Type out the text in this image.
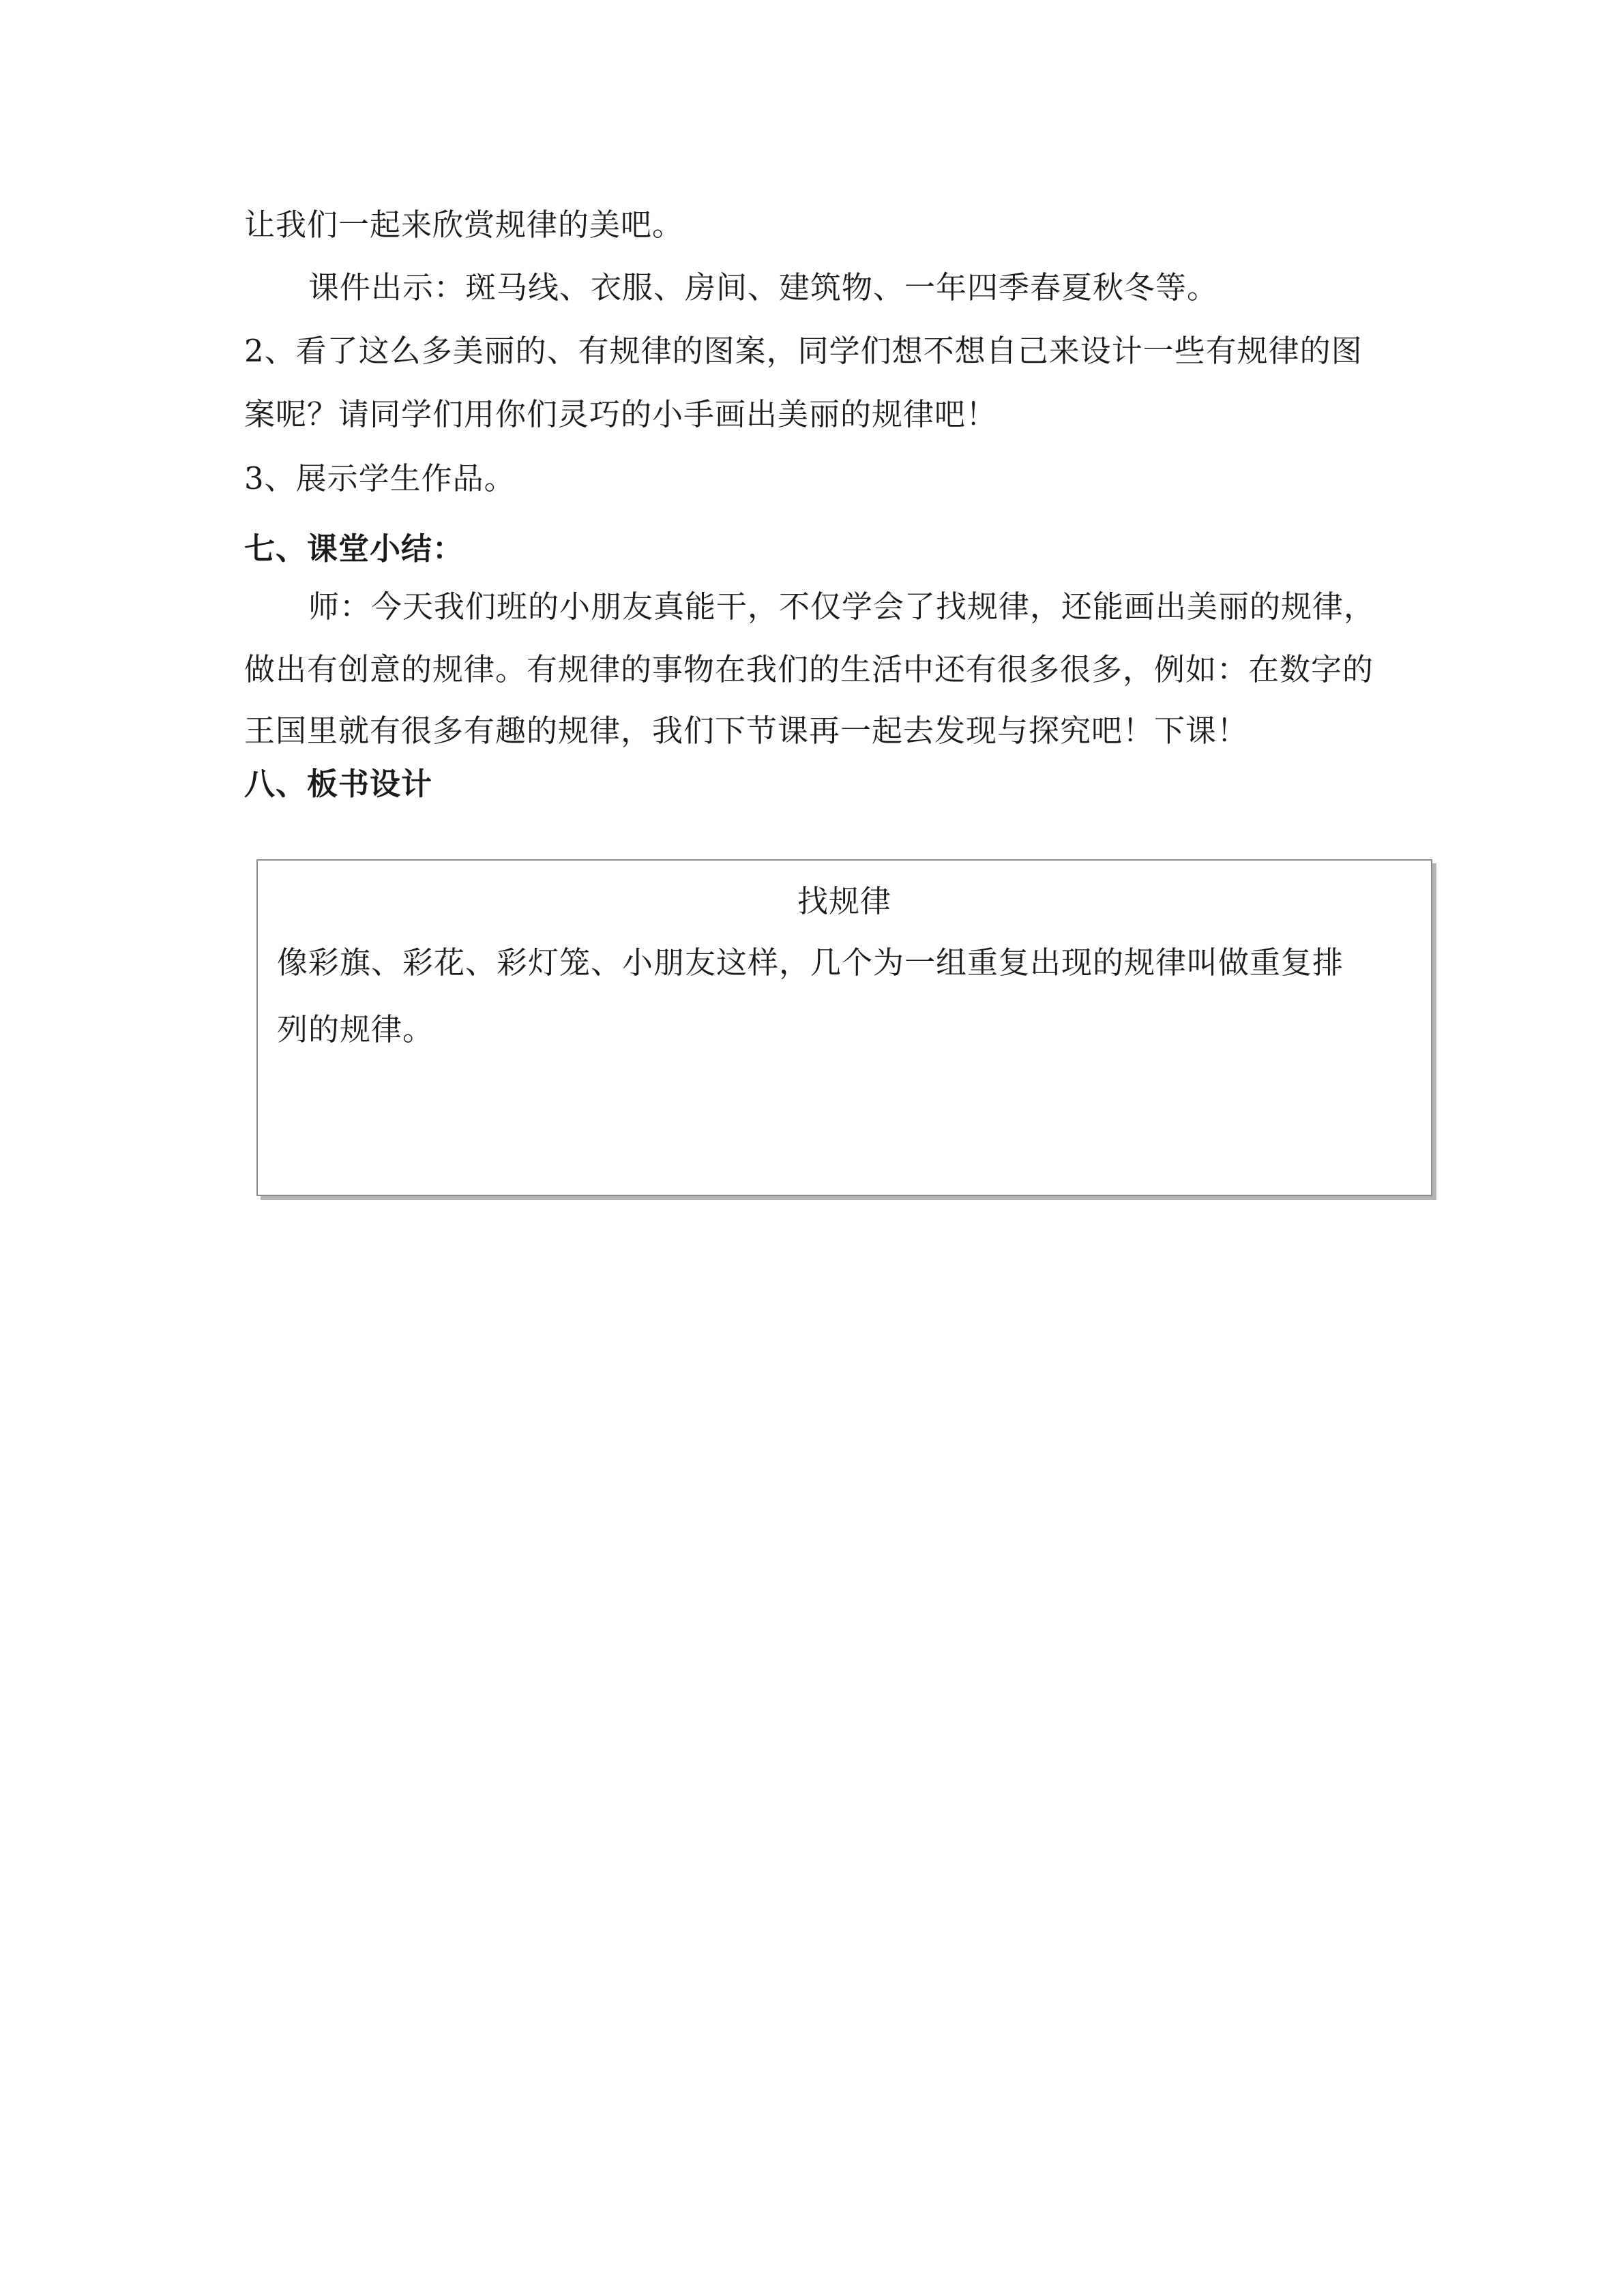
让我们一起来欣赏规律的美吧。
课件出示：斑马线、衣服、房间、建筑物、一年四季春夏秋冬等。
2、看了这么多美丽的、有规律的图案，同学们想不想自己来设计一些有规律的图
案呢？请同学们用你们灵巧的小手画出美丽的规律吧！
3、展示学生作品。
七、课堂小结：
师：今天我们班的小朋友真能干，不仅学会了找规律，还能画出美丽的规律，
做出有创意的规律。有规律的事物在我们的生活中还有很多很多，例如：在数字的
王国里就有很多有趣的规律，我们下节课再一起去发现与探究吧！下课！
八、板书设计
找规律
像彩旗、彩花、彩灯笼、小朋友这样，几个为一组重复出现的规律叫做重复排
列的规律。
